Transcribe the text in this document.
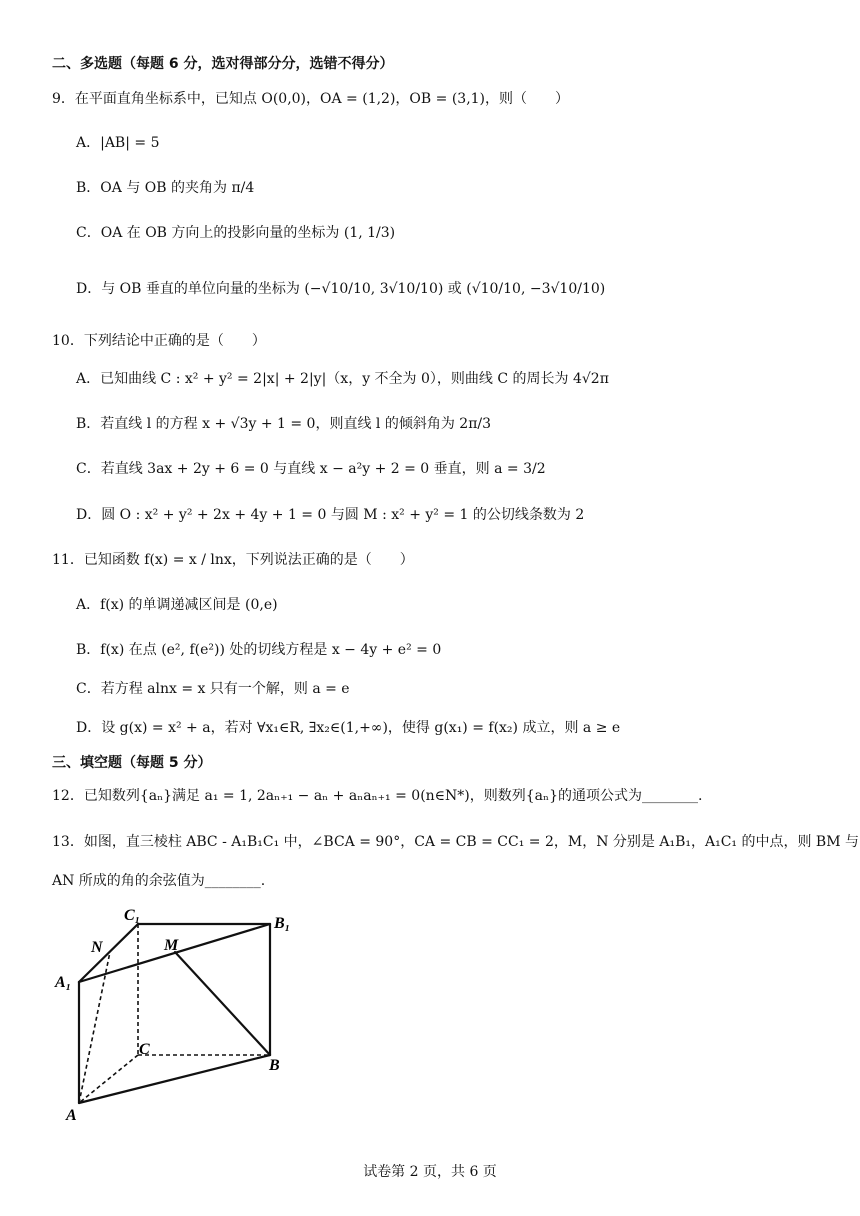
二、多选题（每题 6 分，选对得部分分，选错不得分）
9．在平面直角坐标系中，已知点 O(0,0)，OA = (1,2)，OB = (3,1)，则（　　）
A．|AB| = 5
B．OA 与 OB 的夹角为 π/4
C．OA 在 OB 方向上的投影向量的坐标为 (1, 1/3)
D．与 OB 垂直的单位向量的坐标为 (−√10/10, 3√10/10) 或 (√10/10, −3√10/10)
10．下列结论中正确的是（　　）
A．已知曲线 C : x² + y² = 2|x| + 2|y|（x，y 不全为 0），则曲线 C 的周长为 4√2π
B．若直线 l 的方程 x + √3y + 1 = 0，则直线 l 的倾斜角为 2π/3
C．若直线 3ax + 2y + 6 = 0 与直线 x − a²y + 2 = 0 垂直，则 a = 3/2
D．圆 O : x² + y² + 2x + 4y + 1 = 0 与圆 M : x² + y² = 1 的公切线条数为 2
11．已知函数 f(x) = x / lnx，下列说法正确的是（　　）
A．f(x) 的单调递减区间是 (0,e)
B．f(x) 在点 (e², f(e²)) 处的切线方程是 x − 4y + e² = 0
C．若方程 alnx = x 只有一个解，则 a = e
D．设 g(x) = x² + a，若对 ∀x₁∈R, ∃x₂∈(1,+∞)，使得 g(x₁) = f(x₂) 成立，则 a ≥ e
三、填空题（每题 5 分）
12．已知数列{aₙ}满足 a₁ = 1, 2aₙ₊₁ − aₙ + aₙaₙ₊₁ = 0(n∈N*)，则数列{aₙ}的通项公式为________.
13．如图，直三棱柱 ABC - A₁B₁C₁ 中，∠BCA = 90°，CA = CB = CC₁ = 2，M，N 分别是 A₁B₁，A₁C₁ 的中点，则 BM 与
AN 所成的角的余弦值为________.
C₁	B₁
N	M
A₁
C
B
A
试卷第 2 页，共 6 页
